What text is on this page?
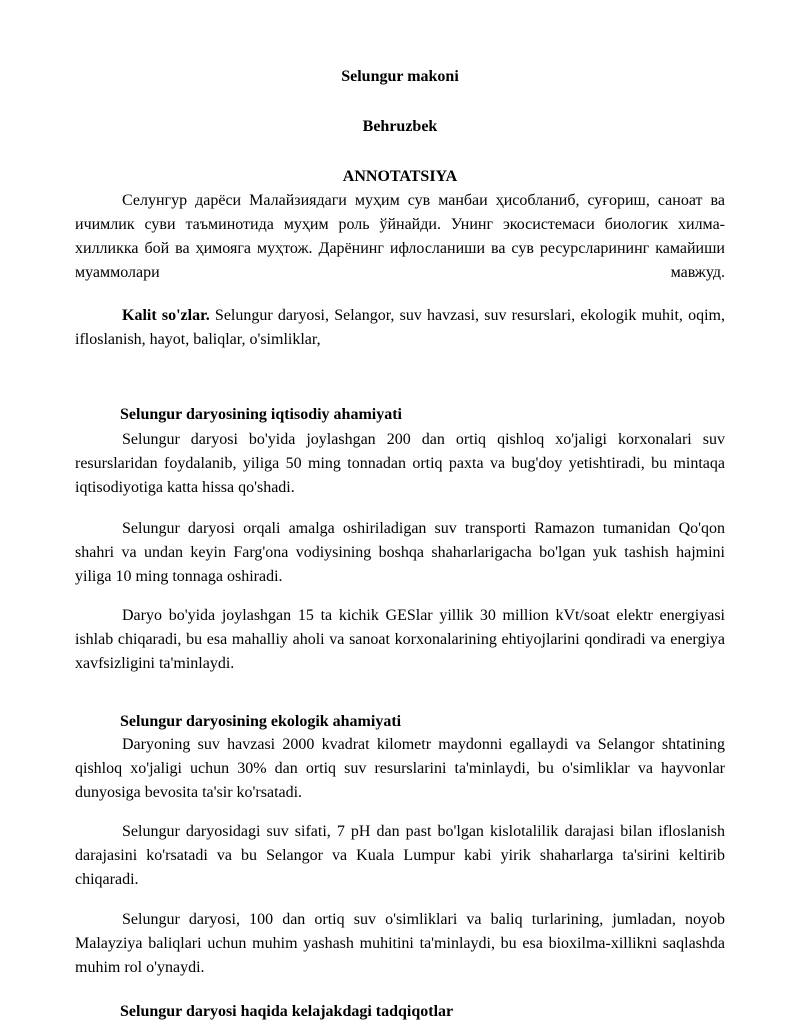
Selungur makoni
Behruzbek
ANNOTATSIYA

Селунгур дарёси Малайзиядаги муҳим сув манбаи ҳисобланиб, суғориш, саноат ва ичимлик суви таъминотида муҳим роль ўйнайди. Унинг экосистемаси биологик хилма-хилликка бой ва ҳимояга муҳтож. Дарёнинг ифлосланиши ва сув ресурсларининг камайиши муаммолари мавжуд.

Kalit so'zlar. Selungur daryosi, Selangor, suv havzasi, suv resurslari, ekologik muhit, oqim, ifloslanish, hayot, baliqlar, o'simliklar,

Selungur daryosining iqtisodiy ahamiyati

Selungur daryosi bo'yida joylashgan 200 dan ortiq qishloq xo'jaligi korxonalari suv resurslaridan foydalanib, yiliga 50 ming tonnadan ortiq paxta va bug'doy yetishtiradi, bu mintaqa iqtisodiyotiga katta hissa qo'shadi.

Selungur daryosi orqali amalga oshiriladigan suv transporti Ramazon tumanidan Qo'qon shahri va undan keyin Farg'ona vodiysining boshqa shaharlarigacha bo'lgan yuk tashish hajmini yiliga 10 ming tonnaga oshiradi.

Daryo bo'yida joylashgan 15 ta kichik GESlar yillik 30 million kVt/soat elektr energiyasi ishlab chiqaradi, bu esa mahalliy aholi va sanoat korxonalarining ehtiyojlarini qondiradi va energiya xavfsizligini ta'minlaydi.

Selungur daryosining ekologik ahamiyati

Daryoning suv havzasi 2000 kvadrat kilometr maydonni egallaydi va Selangor shtatining qishloq xo'jaligi uchun 30% dan ortiq suv resurslarini ta'minlaydi, bu o'simliklar va hayvonlar dunyosiga bevosita ta'sir ko'rsatadi.

Selungur daryosidagi suv sifati, 7 pH dan past bo'lgan kislotalilik darajasi bilan ifloslanish darajasini ko'rsatadi va bu Selangor va Kuala Lumpur kabi yirik shaharlarga ta'sirini keltirib chiqaradi.

Selungur daryosi, 100 dan ortiq suv o'simliklari va baliq turlarining, jumladan, noyob Malayziya baliqlari uchun muhim yashash muhitini ta'minlaydi, bu esa bioxilma-xillikni saqlashda muhim rol o'ynaydi.

Selungur daryosi haqida kelajakdagi tadqiqotlar
